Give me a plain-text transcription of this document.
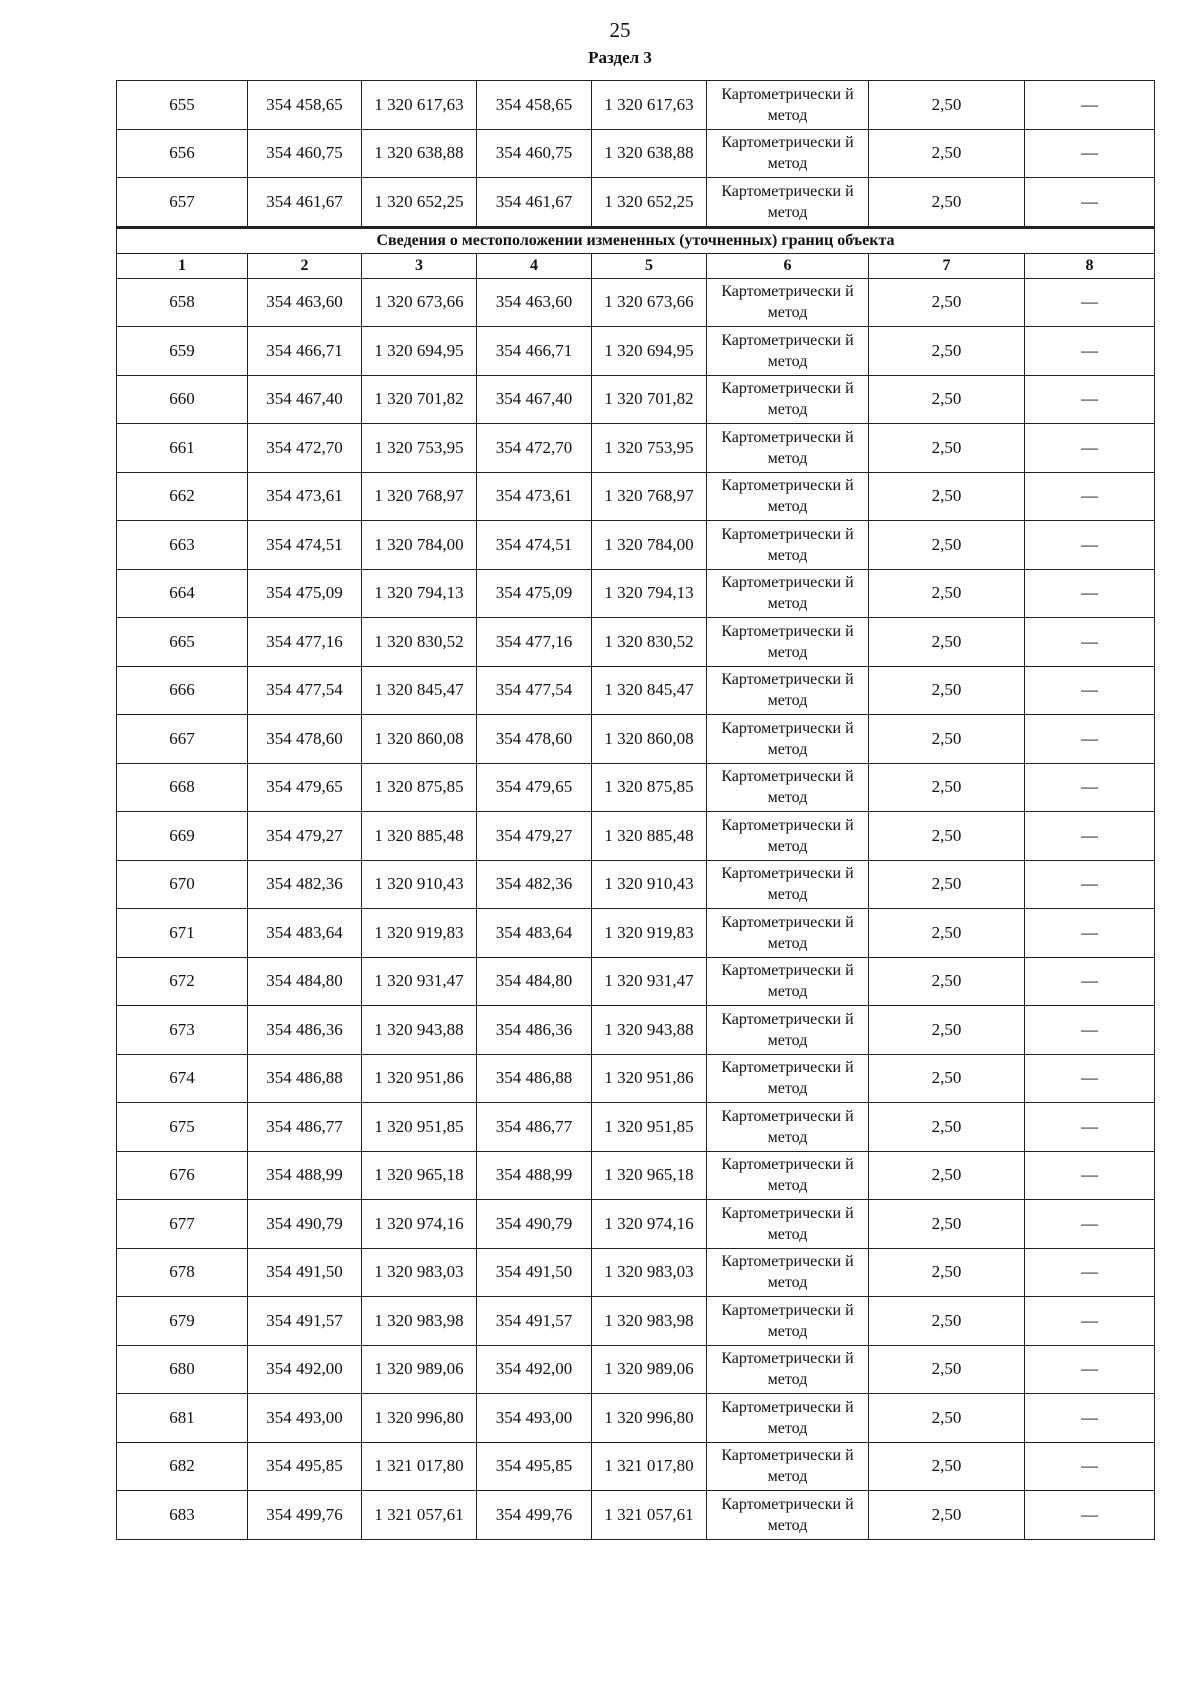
25
Раздел 3
655	354 458,65	1 320 617,63	354 458,65	1 320 617,63	Картометрически й метод	2,50	—
656	354 460,75	1 320 638,88	354 460,75	1 320 638,88	Картометрически й метод	2,50	—
657	354 461,67	1 320 652,25	354 461,67	1 320 652,25	Картометрически й метод	2,50	—
Сведения о местоположении измененных (уточненных) границ объекта							
1	2	3	4	5	6	7	8
658	354 463,60	1 320 673,66	354 463,60	1 320 673,66	Картометрически й метод	2,50	—
659	354 466,71	1 320 694,95	354 466,71	1 320 694,95	Картометрически й метод	2,50	—
660	354 467,40	1 320 701,82	354 467,40	1 320 701,82	Картометрически й метод	2,50	—
661	354 472,70	1 320 753,95	354 472,70	1 320 753,95	Картометрически й метод	2,50	—
662	354 473,61	1 320 768,97	354 473,61	1 320 768,97	Картометрически й метод	2,50	—
663	354 474,51	1 320 784,00	354 474,51	1 320 784,00	Картометрически й метод	2,50	—
664	354 475,09	1 320 794,13	354 475,09	1 320 794,13	Картометрически й метод	2,50	—
665	354 477,16	1 320 830,52	354 477,16	1 320 830,52	Картометрически й метод	2,50	—
666	354 477,54	1 320 845,47	354 477,54	1 320 845,47	Картометрически й метод	2,50	—
667	354 478,60	1 320 860,08	354 478,60	1 320 860,08	Картометрически й метод	2,50	—
668	354 479,65	1 320 875,85	354 479,65	1 320 875,85	Картометрически й метод	2,50	—
669	354 479,27	1 320 885,48	354 479,27	1 320 885,48	Картометрически й метод	2,50	—
670	354 482,36	1 320 910,43	354 482,36	1 320 910,43	Картометрически й метод	2,50	—
671	354 483,64	1 320 919,83	354 483,64	1 320 919,83	Картометрически й метод	2,50	—
672	354 484,80	1 320 931,47	354 484,80	1 320 931,47	Картометрически й метод	2,50	—
673	354 486,36	1 320 943,88	354 486,36	1 320 943,88	Картометрически й метод	2,50	—
674	354 486,88	1 320 951,86	354 486,88	1 320 951,86	Картометрически й метод	2,50	—
675	354 486,77	1 320 951,85	354 486,77	1 320 951,85	Картометрически й метод	2,50	—
676	354 488,99	1 320 965,18	354 488,99	1 320 965,18	Картометрически й метод	2,50	—
677	354 490,79	1 320 974,16	354 490,79	1 320 974,16	Картометрически й метод	2,50	—
678	354 491,50	1 320 983,03	354 491,50	1 320 983,03	Картометрически й метод	2,50	—
679	354 491,57	1 320 983,98	354 491,57	1 320 983,98	Картометрически й метод	2,50	—
680	354 492,00	1 320 989,06	354 492,00	1 320 989,06	Картометрически й метод	2,50	—
681	354 493,00	1 320 996,80	354 493,00	1 320 996,80	Картометрически й метод	2,50	—
682	354 495,85	1 321 017,80	354 495,85	1 321 017,80	Картометрически й метод	2,50	—
683	354 499,76	1 321 057,61	354 499,76	1 321 057,61	Картометрически й метод	2,50	—
